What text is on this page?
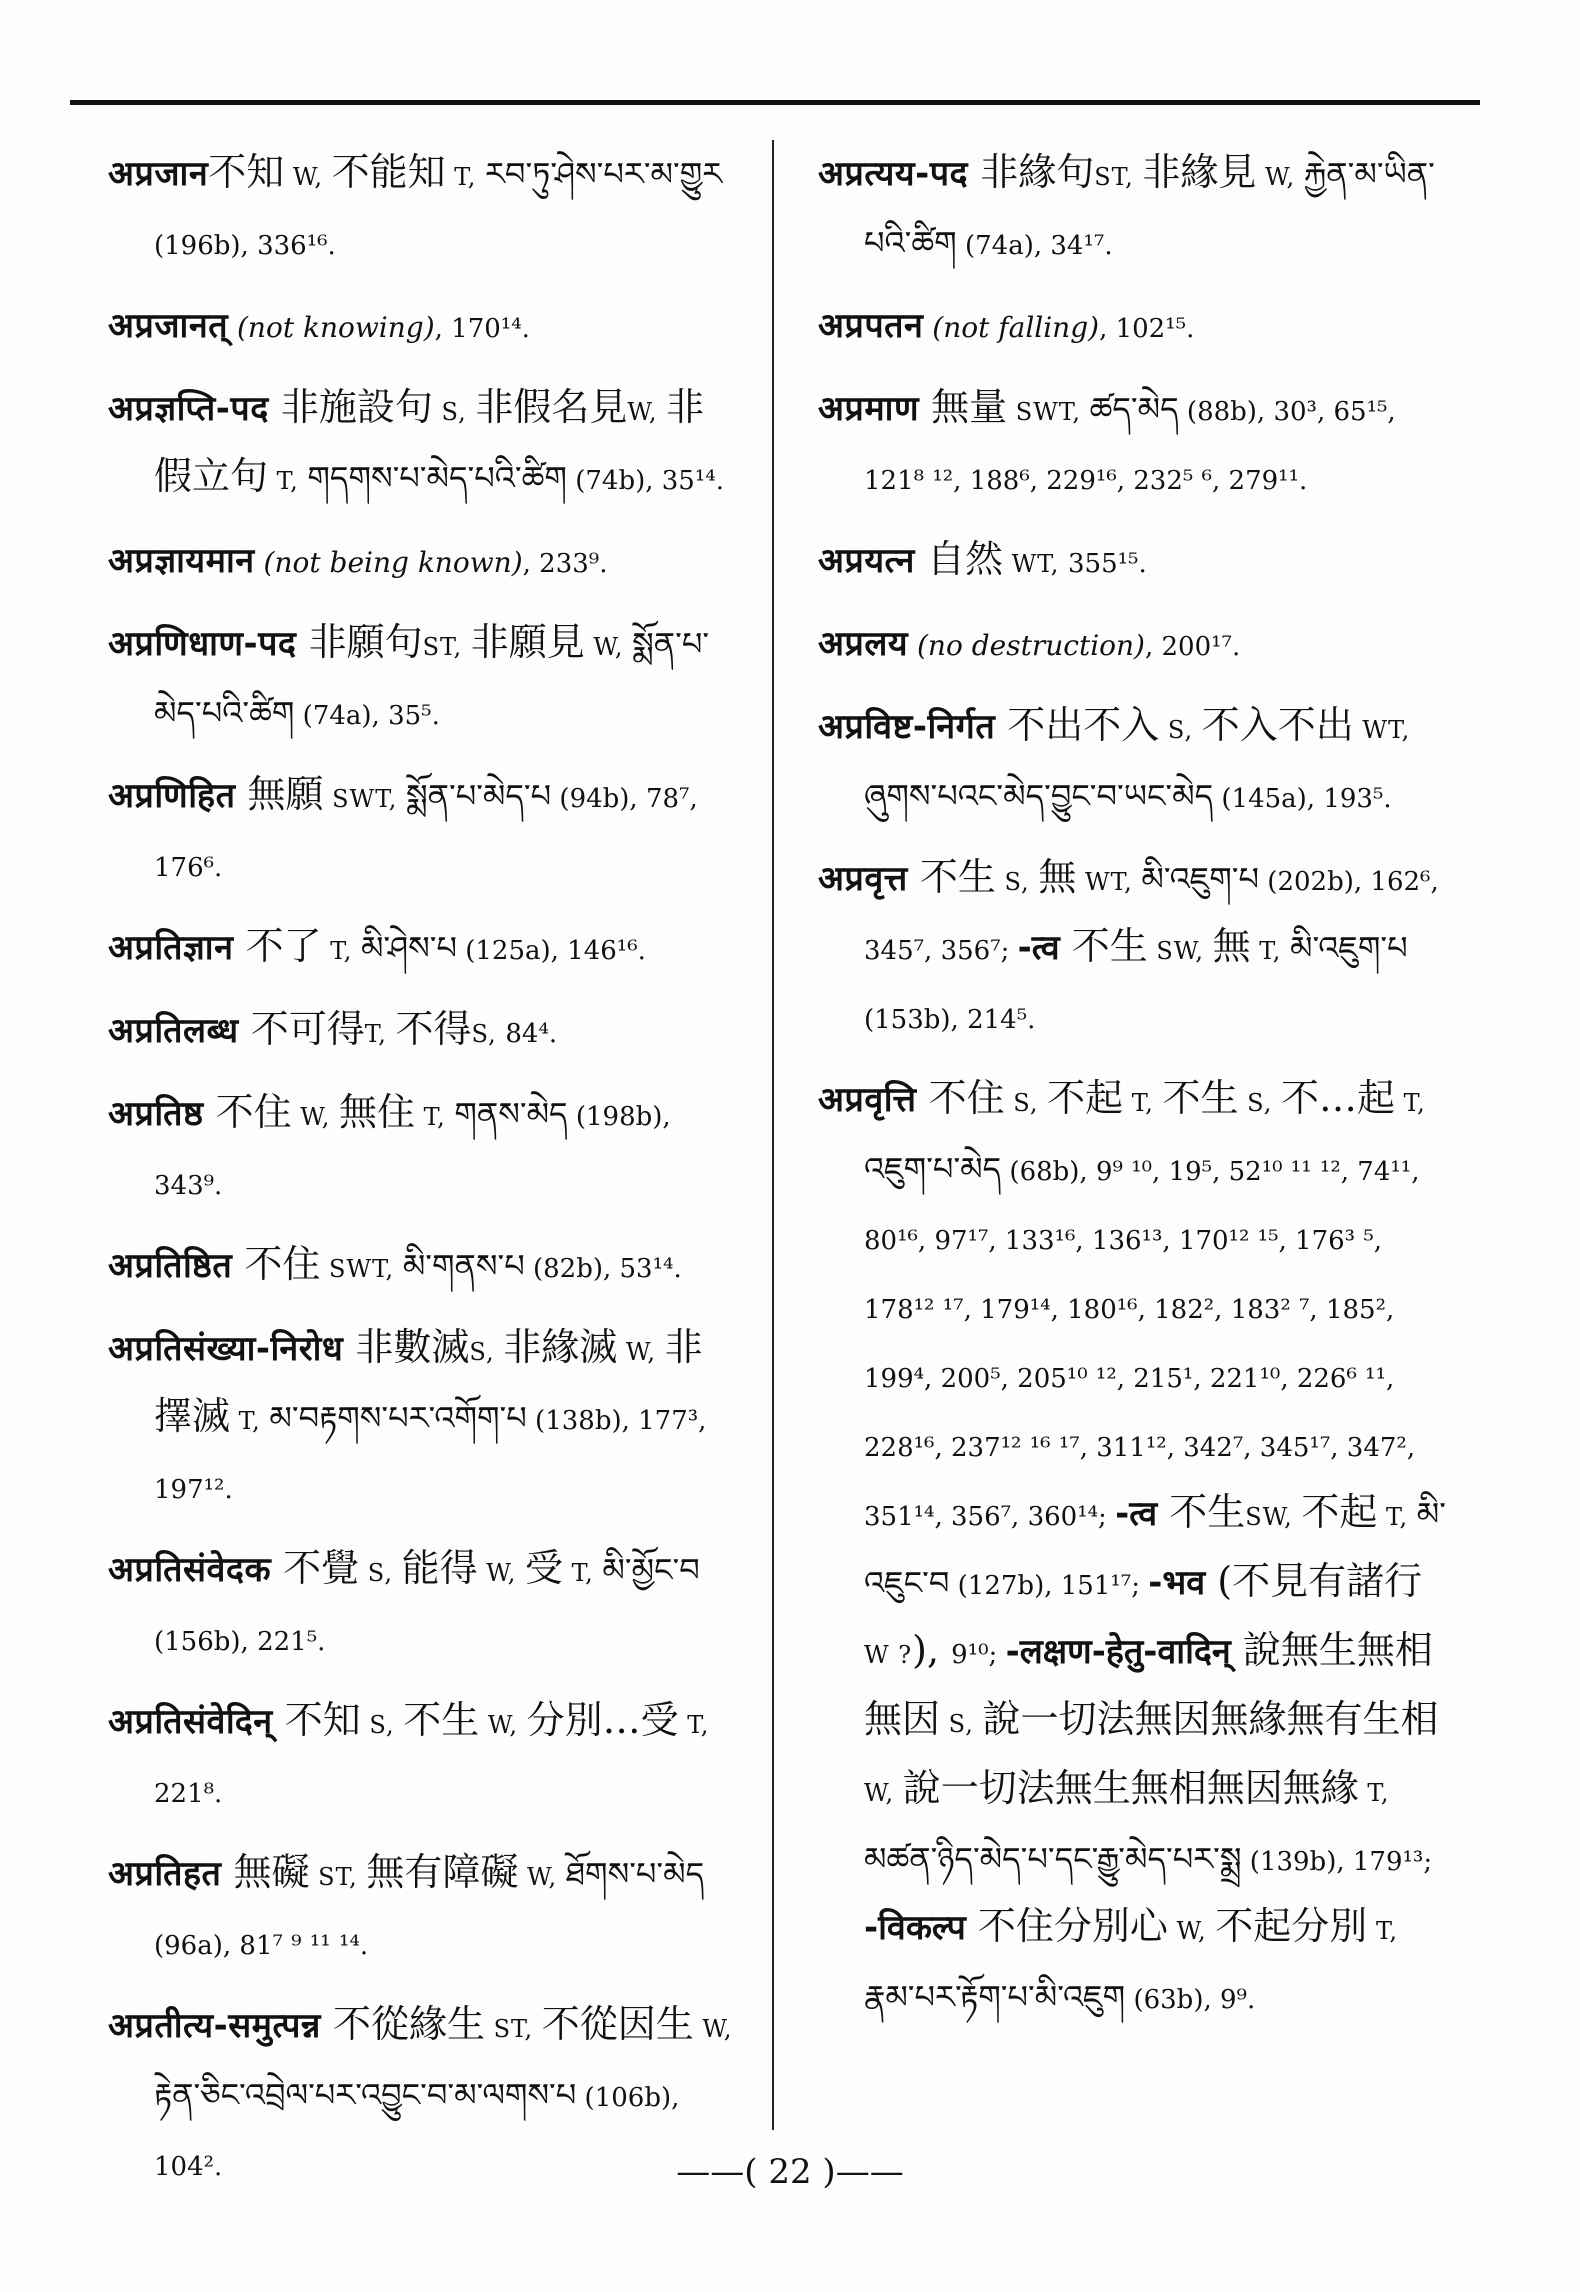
अप्रजान不知 W, 不能知 T, རབ་ཏུ་ཤེས་པར་མ་གྱུར (196b), 336¹⁶.

अप्रजानत् (not knowing), 170¹⁴.

अप्रज्ञप्ति-पद 非施設句 S, 非假名見W, 非假立句 T, གདགས་པ་མེད་པའི་ཚིག (74b), 35¹⁴.

अप्रज्ञायमान (not being known), 233⁹.

अप्रणिधाण-पद 非願句ST, 非願見 W, སྨོན་པ་མེད་པའི་ཚིག (74a), 35⁵.

अप्रणिहित 無願 SWT, སྨོན་པ་མེད་པ (94b), 78⁷, 176⁶.

अप्रतिज्ञान 不了 T, མི་ཤེས་པ (125a), 146¹⁶.

अप्रतिलब्ध 不可得T, 不得S, 84⁴.

अप्रतिष्ठ 不住 W, 無住 T, གནས་མེད (198b), 343⁹.

अप्रतिष्ठित 不住 SWT, མི་གནས་པ (82b), 53¹⁴.

अप्रतिसंख्या-निरोध 非數滅S, 非緣滅 W, 非擇滅 T, མ་བརྟགས་པར་འགོག་པ (138b), 177³, 197¹².

अप्रतिसंवेदक 不覺 S, 能得 W, 受 T, མི་མྱོང་བ (156b), 221⁵.

अप्रतिसंवेदिन् 不知 S, 不生 W, 分別…受 T, 221⁸.

अप्रतिहत 無礙 ST, 無有障礙 W, ཐོགས་པ་མེད (96a), 81⁷ ⁹ ¹¹ ¹⁴.

अप्रतीत्य-समुत्पन्न 不從緣生 ST, 不從因生 W, རྟེན་ཅིང་འབྲེལ་པར་འབྱུང་བ་མ་ལགས་པ (106b), 104².

अप्रत्यय-पद 非緣句ST, 非緣見 W, རྐྱེན་མ་ཡིན་པའི་ཚིག (74a), 34¹⁷.

अप्रपतन (not falling), 102¹⁵.

अप्रमाण 無量 SWT, ཚད་མེད (88b), 30³, 65¹⁵, 121⁸ ¹², 188⁶, 229¹⁶, 232⁵ ⁶, 279¹¹.

अप्रयत्न 自然 WT, 355¹⁵.

अप्रलय (no destruction), 200¹⁷.

अप्रविष्ट-निर्गत 不出不入 S, 不入不出 WT, ཞུགས་པའང་མེད་བྱུང་བ་ཡང་མེད (145a), 193⁵.

अप्रवृत्त 不生 S, 無 WT, མི་འཇུག་པ (202b), 162⁶, 345⁷, 356⁷; -त्व 不生 SW, 無 T, མི་འཇུག་པ (153b), 214⁵.

अप्रवृत्ति 不住 S, 不起 T, 不生 S, 不…起 T, འཇུག་པ་མེད (68b), 9⁹ ¹⁰, 19⁵, 52¹⁰ ¹¹ ¹², 74¹¹, 80¹⁶, 97¹⁷, 133¹⁶, 136¹³, 170¹² ¹⁵, 176³ ⁵, 178¹² ¹⁷, 179¹⁴, 180¹⁶, 182², 183² ⁷, 185², 199⁴, 200⁵, 205¹⁰ ¹², 215¹, 221¹⁰, 226⁶ ¹¹, 228¹⁶, 237¹² ¹⁶ ¹⁷, 311¹², 342⁷, 345¹⁷, 347², 351¹⁴, 356⁷, 360¹⁴; -त्व 不生SW, 不起 T, མི་འཇུང་བ (127b), 151¹⁷; -भव (不見有諸行 W ?), 9¹⁰; -लक्षण-हेतु-वादिन् 說無生無相無因 S, 說一切法無因無緣無有生相 W, 說一切法無生無相無因無緣 T, མཚན་ཉིད་མེད་པ་དང་རྒྱུ་མེད་པར་སྨྲ (139b), 179¹³; -विकल्प 不住分別心 W, 不起分別 T, རྣམ་པར་རྟོག་པ་མི་འཇུག (63b), 9⁹.

——( 22 )——
